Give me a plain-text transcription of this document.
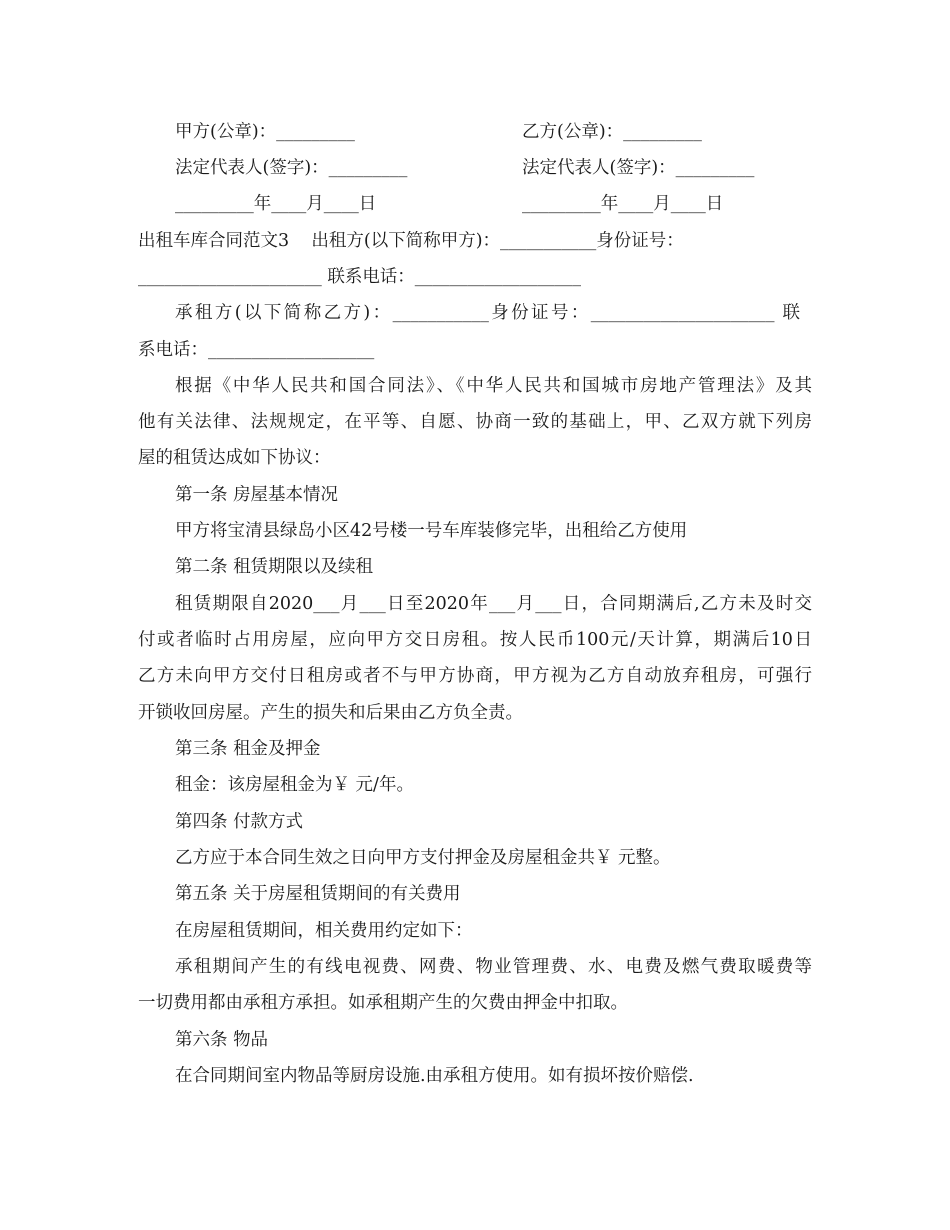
甲方(公章)：_________	乙方(公章)：_________
法定代表人(签字)：_________	法定代表人(签字)：_________
_________年____月____日	_________年____月____日
出租车库合同范文3    出租方(以下简称甲方)：___________身份证号：
_____________________ 联系电话：___________________
承租方(以下简称乙方)：___________身份证号：_____________________ 联
系电话：___________________
根据《中华人民共和国合同法》、《中华人民共和国城市房地产管理法》及其
他有关法律、法规规定，在平等、自愿、协商一致的基础上，甲、乙双方就下列房
屋的租赁达成如下协议：
第一条 房屋基本情况
甲方将宝清县绿岛小区42号楼一号车库装修完毕，出租给乙方使用
第二条 租赁期限以及续租
租赁期限自2020___月___日至2020年___月___日，合同期满后,乙方未及时交
付或者临时占用房屋，应向甲方交日房租。按人民币100元/天计算，期满后10日
乙方未向甲方交付日租房或者不与甲方协商，甲方视为乙方自动放弃租房，可强行
开锁收回房屋。产生的损失和后果由乙方负全责。
第三条 租金及押金
租金：该房屋租金为￥ 元/年。
第四条 付款方式
乙方应于本合同生效之日向甲方支付押金及房屋租金共￥ 元整。
第五条 关于房屋租赁期间的有关费用
在房屋租赁期间，相关费用约定如下：
承租期间产生的有线电视费、网费、物业管理费、水、电费及燃气费取暖费等
一切费用都由承租方承担。如承租期产生的欠费由押金中扣取。
第六条 物品
在合同期间室内物品等厨房设施.由承租方使用。如有损坏按价赔偿.
